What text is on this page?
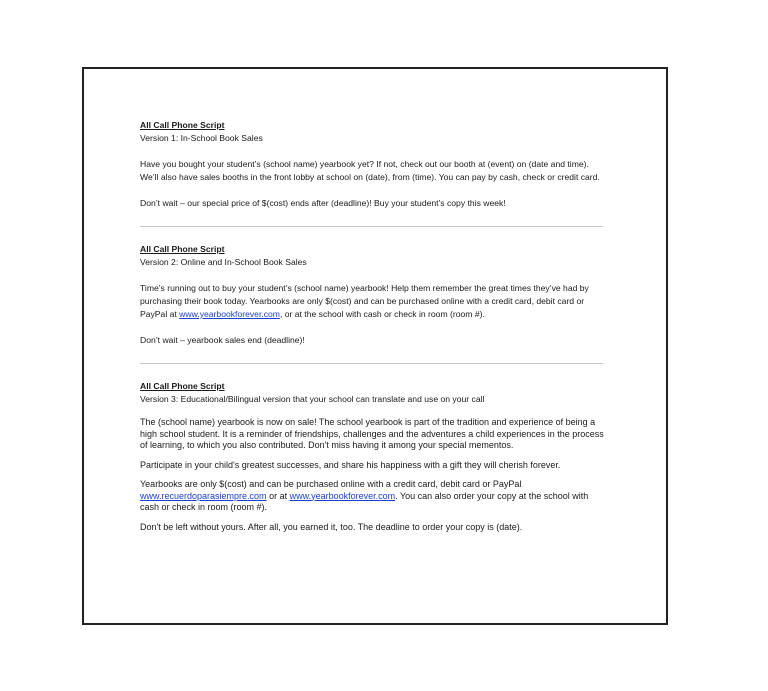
All Call Phone Script
Version 1: In-School Book Sales

Have you bought your student’s (school name) yearbook yet? If not, check out our booth at (event) on (date and time). We’ll also have sales booths in the front lobby at school on (date), from (time). You can pay by cash, check or credit card.

Don’t wait – our special price of $(cost) ends after (deadline)! Buy your student’s copy this week!

All Call Phone Script
Version 2: Online and In-School Book Sales

Time’s running out to buy your student’s (school name) yearbook! Help them remember the great times they’ve had by purchasing their book today. Yearbooks are only $(cost) and can be purchased online with a credit card, debit card or PayPal at www.yearbookforever.com, or at the school with cash or check in room (room #).

Don’t wait – yearbook sales end (deadline)!

All Call Phone Script
Version 3: Educational/Bilingual version that your school can translate and use on your call

The (school name) yearbook is now on sale! The school yearbook is part of the tradition and experience of being a high school student. It is a reminder of friendships, challenges and the adventures a child experiences in the process of learning, to which you also contributed. Don't miss having it among your special mementos.

Participate in your child's greatest successes, and share his happiness with a gift they will cherish forever.

Yearbooks are only $(cost) and can be purchased online with a credit card, debit card or PayPal www.recuerdoparasiempre.com or at www.yearbookforever.com. You can also order your copy at the school with cash or check in room (room #).

Don't be left without yours. After all, you earned it, too. The deadline to order your copy is (date).
